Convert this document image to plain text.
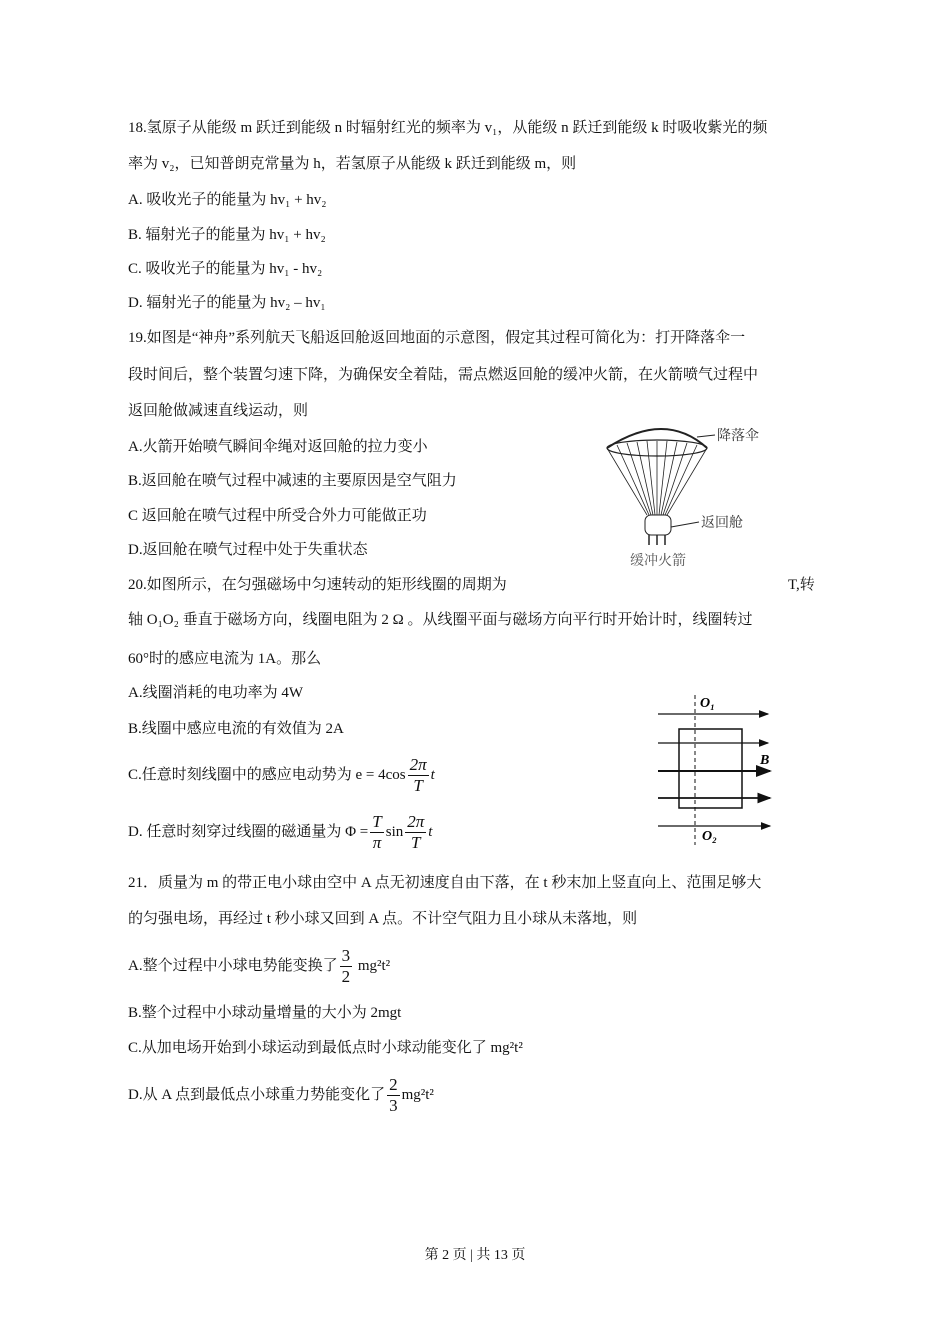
18.氢原子从能级 m 跃迁到能级 n 时辐射红光的频率为 v₁，从能级 n 跃迁到能级 k 时吸收紫光的频
率为 v₂，已知普朗克常量为 h，若氢原子从能级 k 跃迁到能级 m，则
A. 吸收光子的能量为 hv₁ + hv₂
B. 辐射光子的能量为 hv₁ + hv₂
C. 吸收光子的能量为 hv₁ - hv₂
D. 辐射光子的能量为 hv₂ – hv₁
19.如图是“神舟”系列航天飞船返回舱返回地面的示意图，假定其过程可简化为：打开降落伞一
段时间后，整个装置匀速下降，为确保安全着陆，需点燃返回舱的缓冲火箭，在火箭喷气过程中
返回舱做减速直线运动，则
A.火箭开始喷气瞬间伞绳对返回舱的拉力变小
B.返回舱在喷气过程中减速的主要原因是空气阻力
C 返回舱在喷气过程中所受合外力可能做正功
D.返回舱在喷气过程中处于失重状态
降落伞
返回舱
缓冲火箭
20.如图所示，在匀强磁场中匀速转动的矩形线圈的周期为	T,转
轴 O₁O₂ 垂直于磁场方向，线圈电阻为 2 Ω 。从线圈平面与磁场方向平行时开始计时，线圈转过
60°时的感应电流为 1A。那么
A.线圈消耗的电功率为 4W
B.线圈中感应电流的有效值为 2A
C.任意时刻线圈中的感应电动势为 $e = 4\cos \frac{2\pi}{T}$ t
D. 任意时刻穿过线圈的磁通量为 $\Phi = \frac{T}{\pi}$ $\sin \frac{2\pi}{T}$ t
O₁
O₂
B
21．质量为 m 的带正电小球由空中 A 点无初速度自由下落，在 t 秒末加上竖直向上、范围足够大
的匀强电场，再经过 t 秒小球又回到 A 点。不计空气阻力且小球从未落地，则
A.整个过程中小球电势能变换了 $\frac{3}{2} mg^2t^2$
B.整个过程中小球动量增量的大小为 2mgt
C.从加电场开始到小球运动到最低点时小球动能变化了 mg²t²
D.从 A 点到最低点小球重力势能变化了 $\frac{2}{3} mg^2t^2$
第 2 页 | 共 13 页
